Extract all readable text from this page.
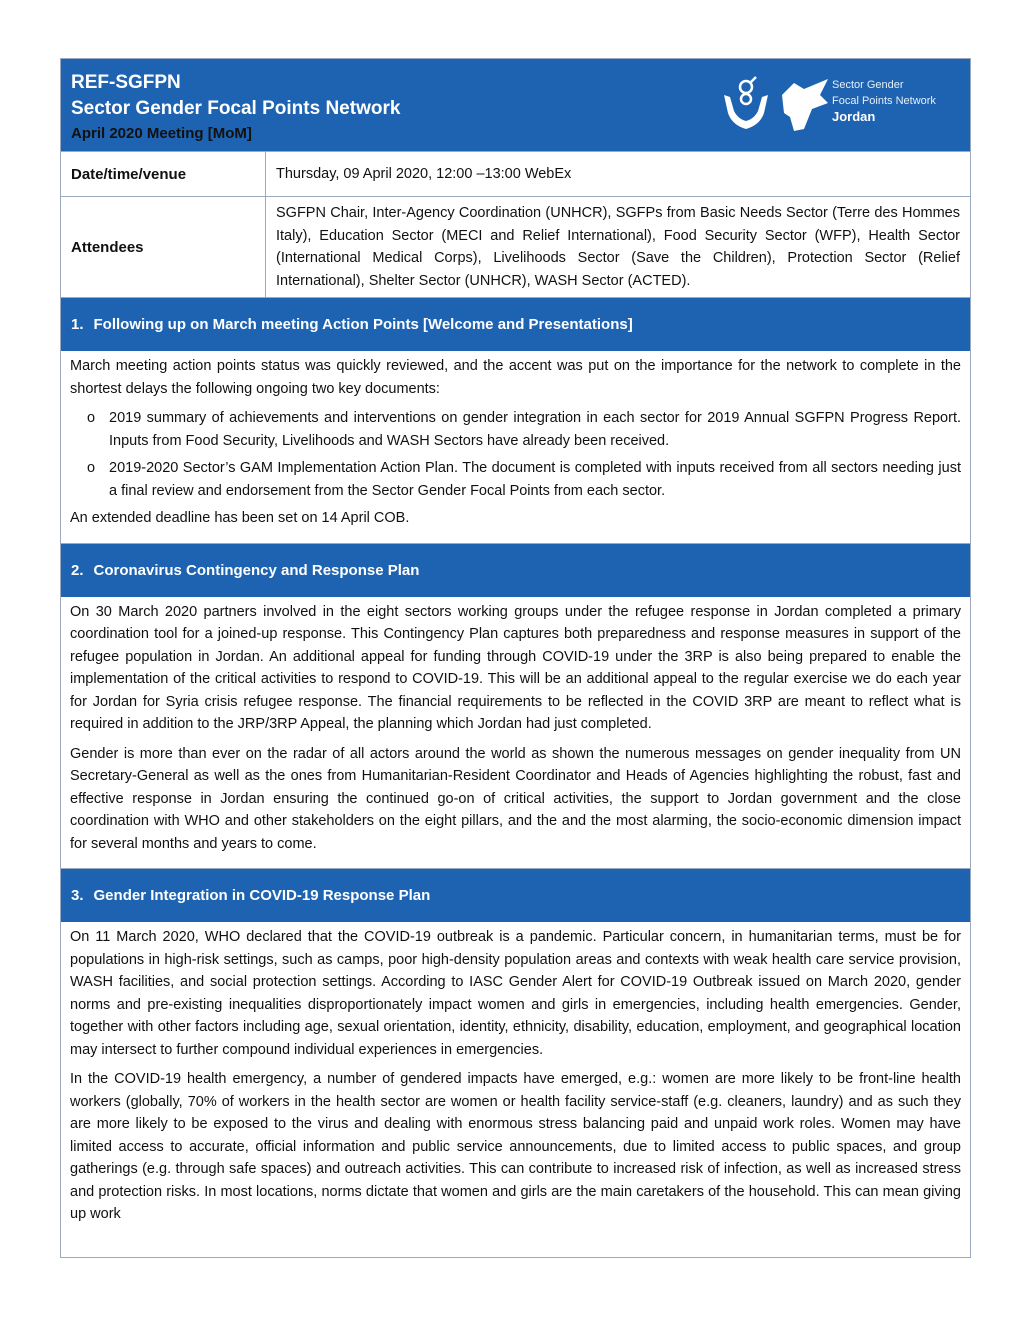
REF-SGFPN
Sector Gender Focal Points Network
April 2020 Meeting [MoM]
Sector Gender
Focal Points Network
Jordan
Date/time/venue	Thursday, 09 April 2020, 12:00 –13:00 WebEx
Attendees
SGFPN Chair, Inter-Agency Coordination (UNHCR), SGFPs from Basic Needs Sector (Terre des Hommes Italy), Education Sector (MECI and Relief International), Food Security Sector (WFP), Health Sector (International Medical Corps), Livelihoods Sector (Save the Children), Protection Sector (Relief International), Shelter Sector (UNHCR), WASH Sector (ACTED).
1. Following up on March meeting Action Points [Welcome and Presentations]

March meeting action points status was quickly reviewed, and the accent was put on the importance for the network to complete in the shortest delays the following ongoing two key documents:

o 2019 summary of achievements and interventions on gender integration in each sector for 2019 Annual SGFPN Progress Report. Inputs from Food Security, Livelihoods and WASH Sectors have already been received.
o 2019-2020 Sector’s GAM Implementation Action Plan. The document is completed with inputs received from all sectors needing just a final review and endorsement from the Sector Gender Focal Points from each sector.

An extended deadline has been set on 14 April COB.

2. Coronavirus Contingency and Response Plan

On 30 March 2020 partners involved in the eight sectors working groups under the refugee response in Jordan completed a primary coordination tool for a joined-up response. This Contingency Plan captures both preparedness and response measures in support of the refugee population in Jordan. An additional appeal for funding through COVID-19 under the 3RP is also being prepared to enable the implementation of the critical activities to respond to COVID-19. This will be an additional appeal to the regular exercise we do each year for Jordan for Syria crisis refugee response. The financial requirements to be reflected in the COVID 3RP are meant to reflect what is required in addition to the JRP/3RP Appeal, the planning which Jordan had just completed.

Gender is more than ever on the radar of all actors around the world as shown the numerous messages on gender inequality from UN Secretary-General as well as the ones from Humanitarian-Resident Coordinator and Heads of Agencies highlighting the robust, fast and effective response in Jordan ensuring the continued go-on of critical activities, the support to Jordan government and the close coordination with WHO and other stakeholders on the eight pillars, and the and the most alarming, the socio-economic dimension impact for several months and years to come.

3. Gender Integration in COVID-19 Response Plan

On 11 March 2020, WHO declared that the COVID-19 outbreak is a pandemic. Particular concern, in humanitarian terms, must be for populations in high-risk settings, such as camps, poor high-density population areas and contexts with weak health care service provision, WASH facilities, and social protection settings. According to IASC Gender Alert for COVID-19 Outbreak issued on March 2020, gender norms and pre-existing inequalities disproportionately impact women and girls in emergencies, including health emergencies. Gender, together with other factors including age, sexual orientation, identity, ethnicity, disability, education, employment, and geographical location may intersect to further compound individual experiences in emergencies.

In the COVID-19 health emergency, a number of gendered impacts have emerged, e.g.: women are more likely to be front-line health workers (globally, 70% of workers in the health sector are women or health facility service-staff (e.g. cleaners, laundry) and as such they are more likely to be exposed to the virus and dealing with enormous stress balancing paid and unpaid work roles. Women may have limited access to accurate, official information and public service announcements, due to limited access to public spaces, and group gatherings (e.g. through safe spaces) and outreach activities. This can contribute to increased risk of infection, as well as increased stress and protection risks. In most locations, norms dictate that women and girls are the main caretakers of the household. This can mean giving up work
